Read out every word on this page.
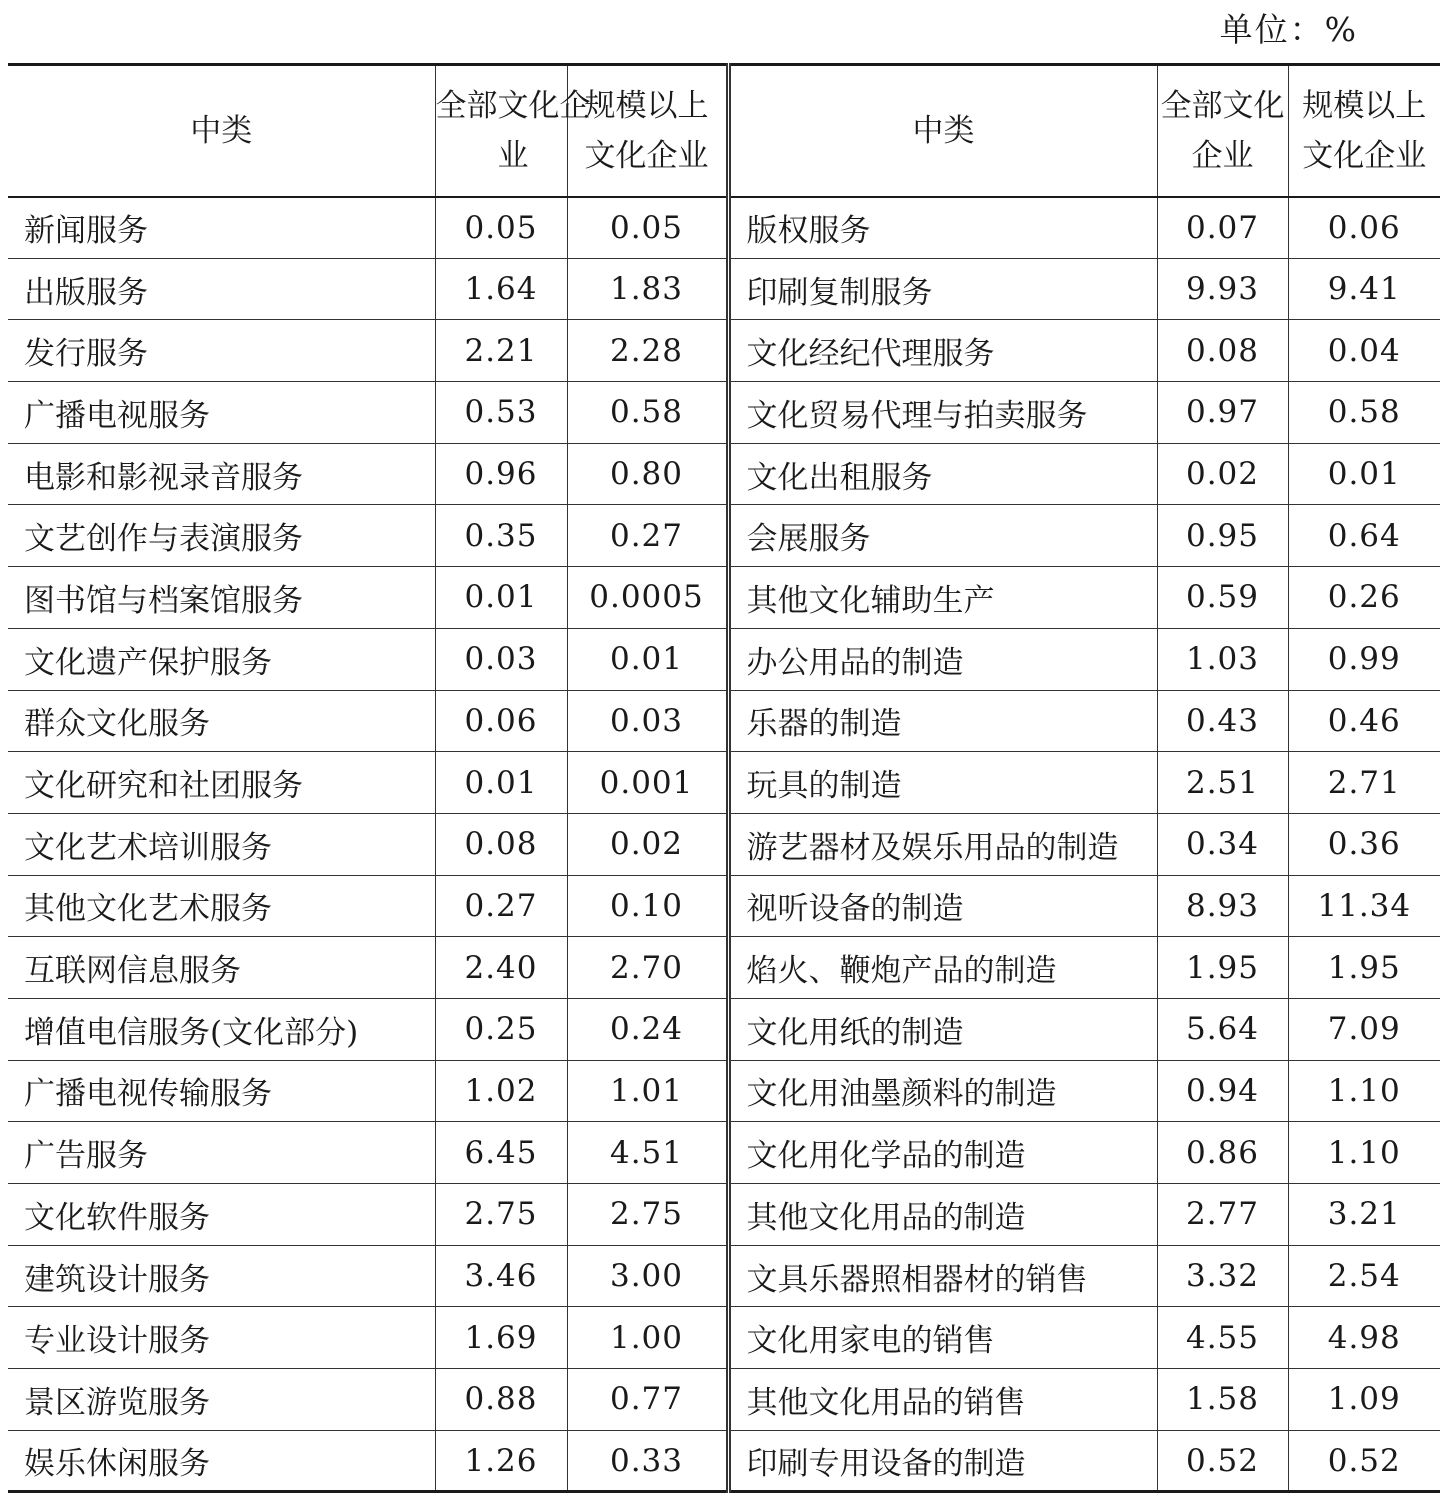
单位：%
中类	全部文化企业	规模以上文化企业	中类	全部文化企业	规模以上文化企业
新闻服务	0.05	0.05	版权服务	0.07	0.06
出版服务	1.64	1.83	印刷复制服务	9.93	9.41
发行服务	2.21	2.28	文化经纪代理服务	0.08	0.04
广播电视服务	0.53	0.58	文化贸易代理与拍卖服务	0.97	0.58
电影和影视录音服务	0.96	0.80	文化出租服务	0.02	0.01
文艺创作与表演服务	0.35	0.27	会展服务	0.95	0.64
图书馆与档案馆服务	0.01	0.0005	其他文化辅助生产	0.59	0.26
文化遗产保护服务	0.03	0.01	办公用品的制造	1.03	0.99
群众文化服务	0.06	0.03	乐器的制造	0.43	0.46
文化研究和社团服务	0.01	0.001	玩具的制造	2.51	2.71
文化艺术培训服务	0.08	0.02	游艺器材及娱乐用品的制造	0.34	0.36
其他文化艺术服务	0.27	0.10	视听设备的制造	8.93	11.34
互联网信息服务	2.40	2.70	焰火、鞭炮产品的制造	1.95	1.95
增值电信服务(文化部分)	0.25	0.24	文化用纸的制造	5.64	7.09
广播电视传输服务	1.02	1.01	文化用油墨颜料的制造	0.94	1.10
广告服务	6.45	4.51	文化用化学品的制造	0.86	1.10
文化软件服务	2.75	2.75	其他文化用品的制造	2.77	3.21
建筑设计服务	3.46	3.00	文具乐器照相器材的销售	3.32	2.54
专业设计服务	1.69	1.00	文化用家电的销售	4.55	4.98
景区游览服务	0.88	0.77	其他文化用品的销售	1.58	1.09
娱乐休闲服务	1.26	0.33	印刷专用设备的制造	0.52	0.52
